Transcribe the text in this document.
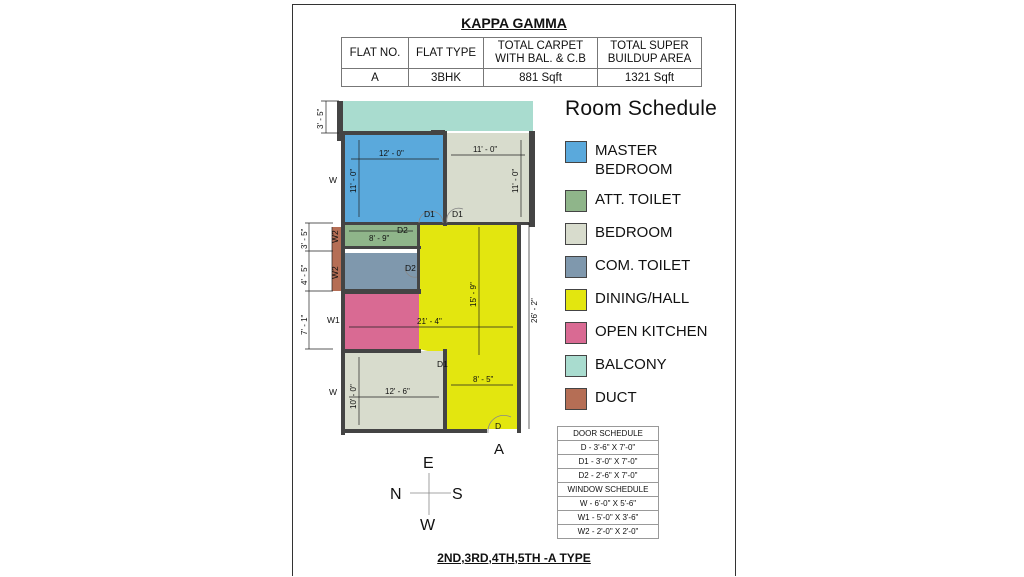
KAPPA GAMMA
FLAT NO.	FLAT TYPE	TOTAL CARPET WITH BAL. & C.B	TOTAL SUPER BUILDUP AREA
A	3BHK	881 Sqft	1321 Sqft
Room Schedule
MASTER BEDROOM
ATT. TOILET
BEDROOM
COM. TOILET
DINING/HALL
OPEN KITCHEN
BALCONY
DUCT
DOOR SCHEDULE
D - 3'-6" X 7'-0"
D1 - 3'-0" X 7'-0"
D2 - 2'-6" X 7'-0"
WINDOW SCHEDULE
W - 6'-0" X 5'-6"
W1 - 5'-0" X 3'-6"
W2 - 2'-0" X 2'-0"
12' - 0"
11' - 0"
11' - 0"
11' - 0"
8' - 9"
15' - 9"
21' - 4"	26' - 2"
12' - 6"
10' - 0"
8' - 5"
3' - 5"
3' - 5"
4' - 5"
7' - 1"
D1 D1
D1
D2
D2
D
W
W2
W2
W1
W
A
E
W
N	S
2ND,3RD,4TH,5TH -A TYPE
